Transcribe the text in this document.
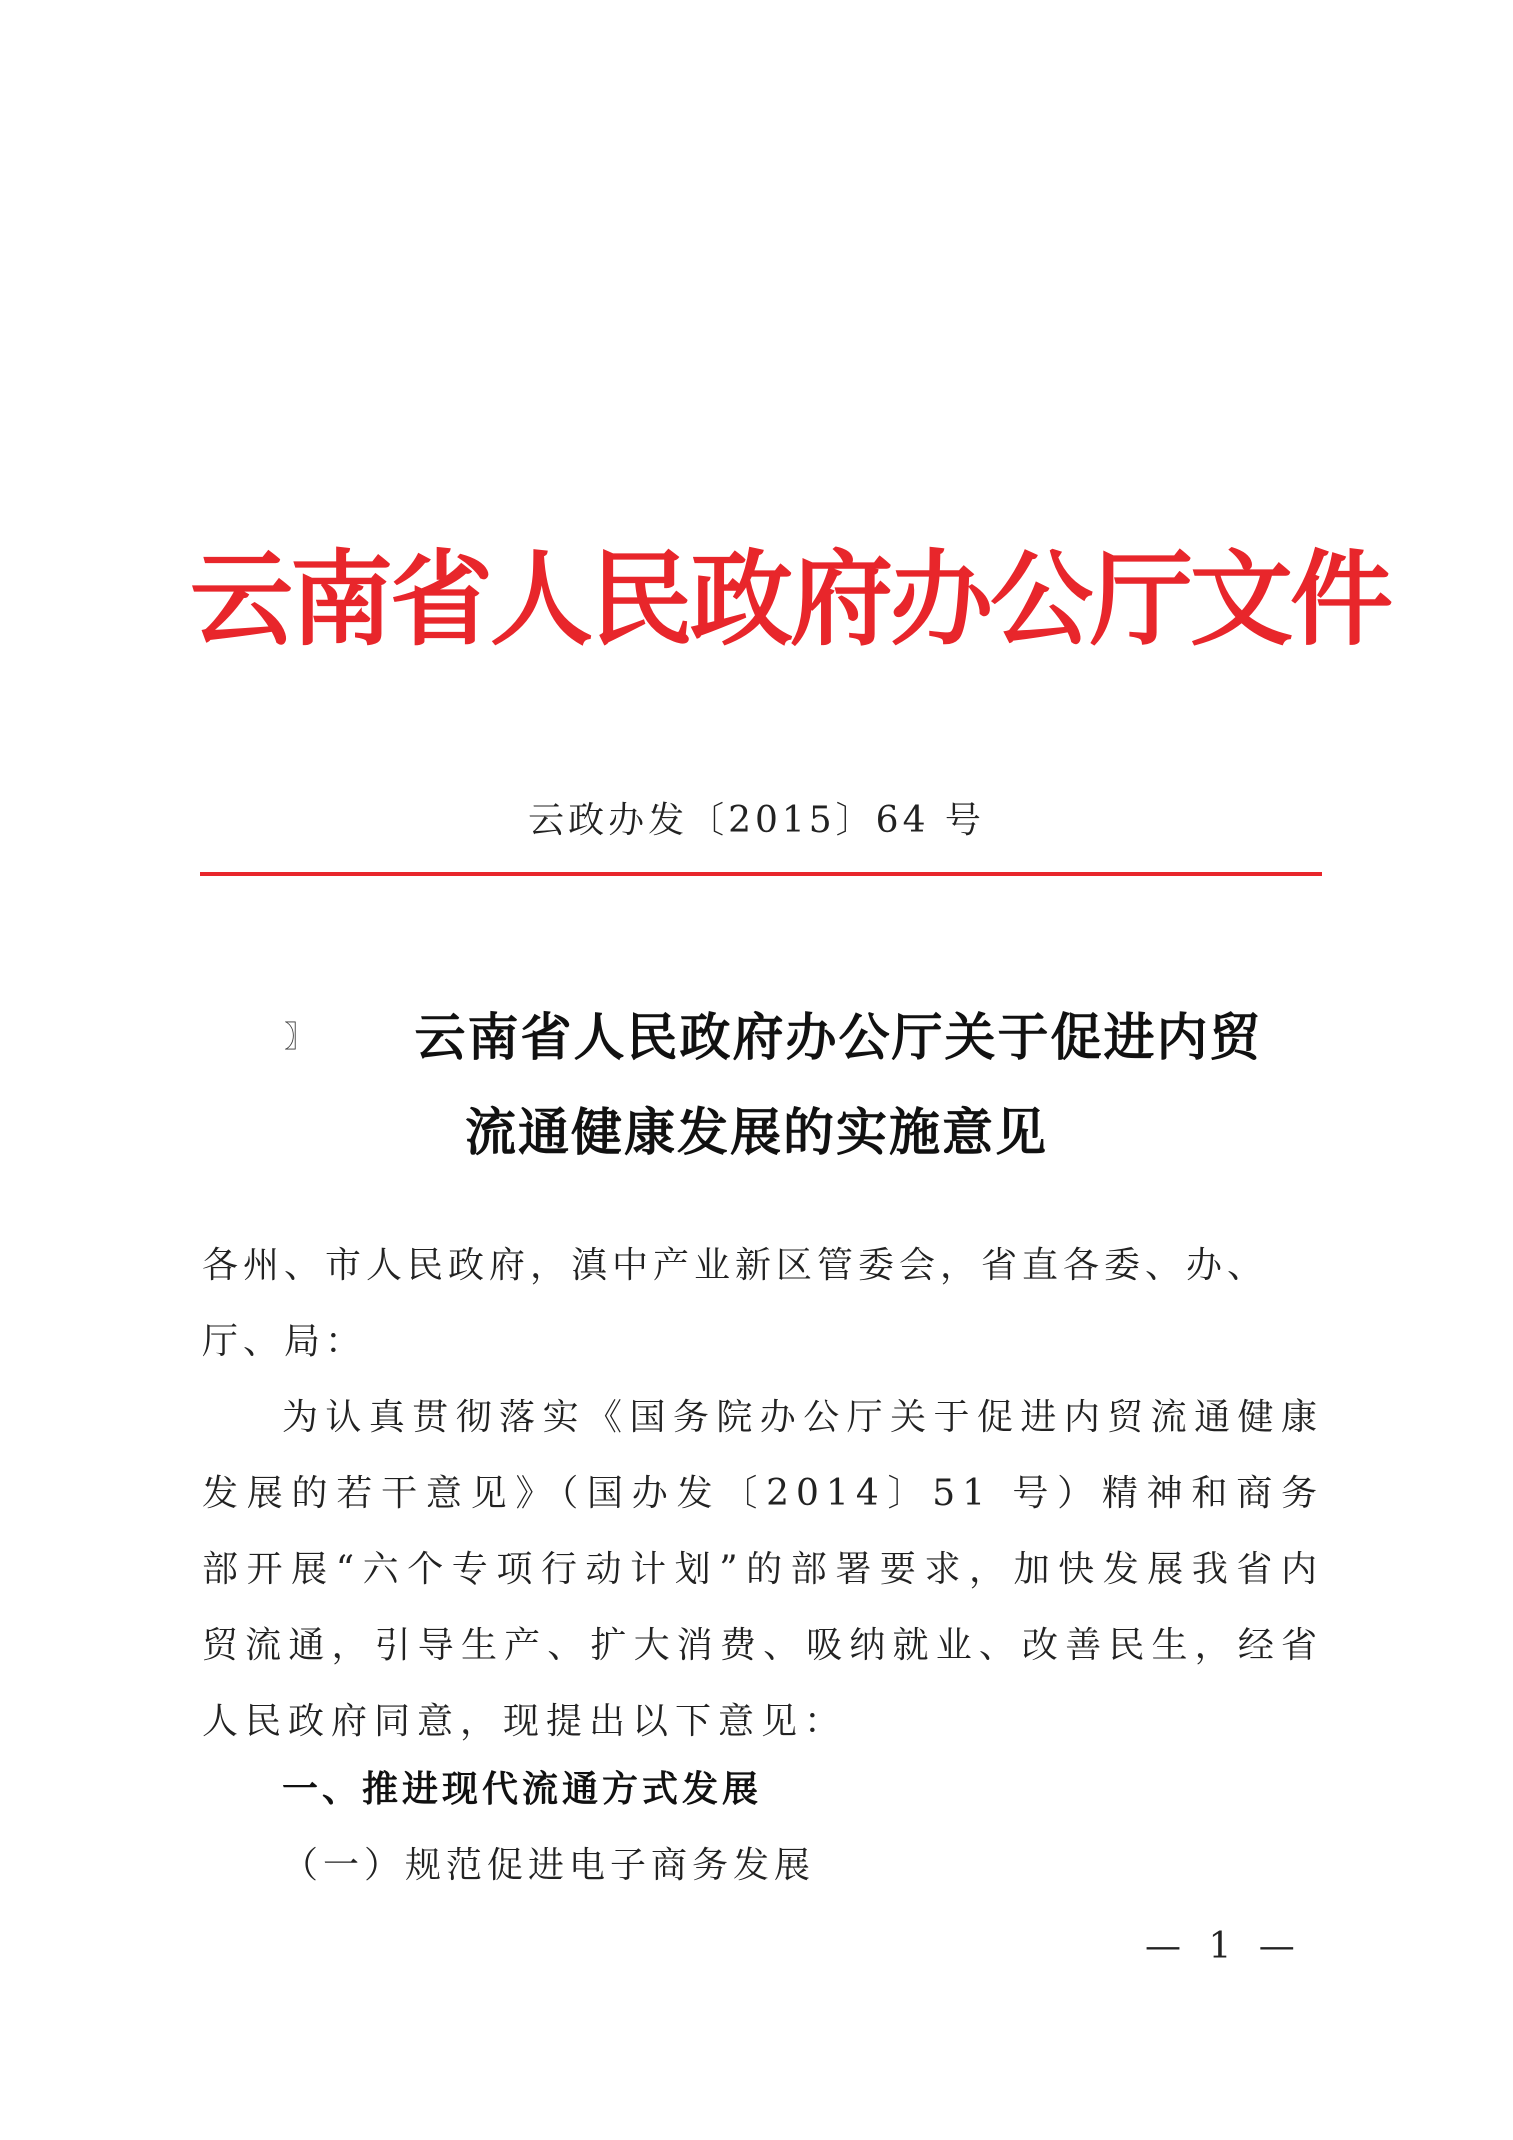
云南省人民政府办公厅文件
云政办发〔2015〕64 号
〗	云南省人民政府办公厅关于促进内贸
流通健康发展的实施意见
各州、市人民政府，滇中产业新区管委会，省直各委、办、厅、局：
为认真贯彻落实《国务院办公厅关于促进内贸流通健康发展的若干意见》（国办发〔2014〕51 号）精神和商务部开展“六个专项行动计划”的部署要求，加快发展我省内贸流通，引导生产、扩大消费、吸纳就业、改善民生，经省人民政府同意，现提出以下意见：
一、推进现代流通方式发展
（一）规范促进电子商务发展
— 1 —
